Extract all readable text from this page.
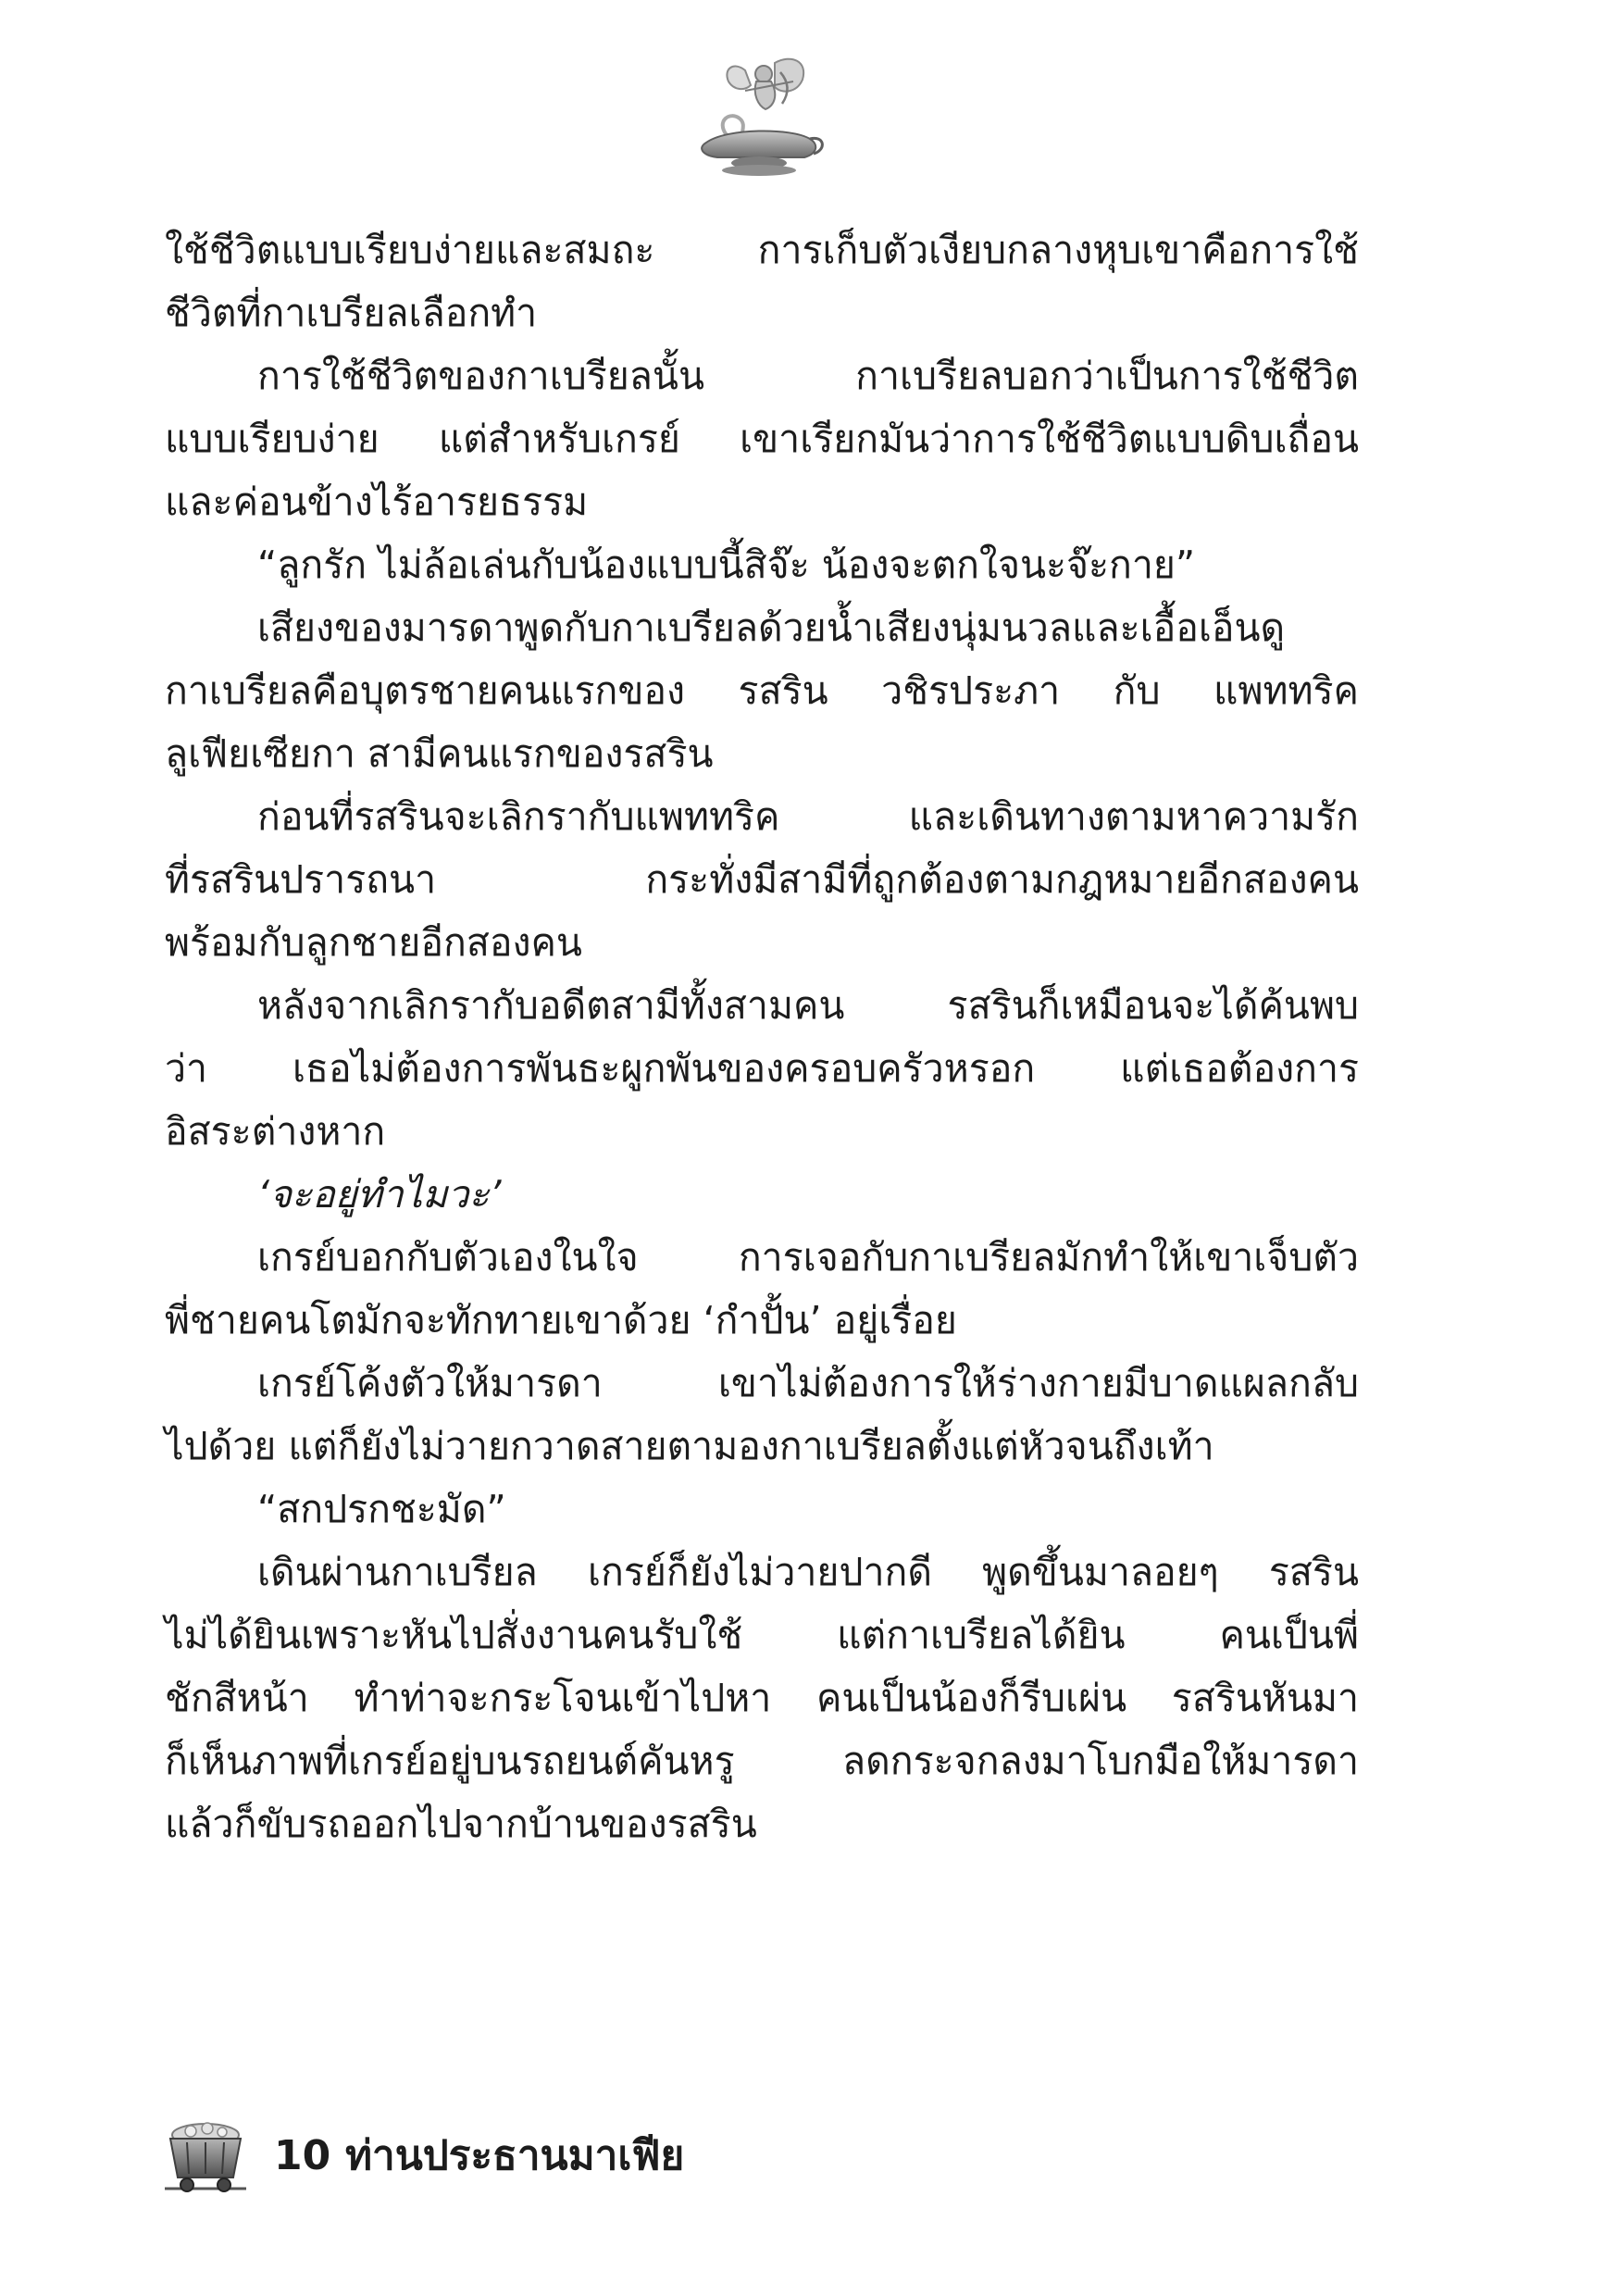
ใช้ชีวิตแบบเรียบง่ายและสมถะ การเก็บตัวเงียบกลางหุบเขาคือการใช้
ชีวิตที่กาเบรียลเลือกทำ
การใช้ชีวิตของกาเบรียลนั้น กาเบรียลบอกว่าเป็นการใช้ชีวิต
แบบเรียบง่าย แต่สำหรับเกรย์ เขาเรียกมันว่าการใช้ชีวิตแบบดิบเถื่อน
และค่อนข้างไร้อารยธรรม
“ลูกรัก ไม่ล้อเล่นกับน้องแบบนี้สิจ๊ะ น้องจะตกใจนะจ๊ะกาย”
เสียงของมารดาพูดกับกาเบรียลด้วยน้ำเสียงนุ่มนวลและเอื้อเอ็นดู
กาเบรียลคือบุตรชายคนแรกของ รสริน วชิรประภา กับ แพททริค
ลูเฟียเซียกา สามีคนแรกของรสริน
ก่อนที่รสรินจะเลิกรากับแพททริค และเดินทางตามหาความรัก
ที่รสรินปรารถนา กระทั่งมีสามีที่ถูกต้องตามกฎหมายอีกสองคน
พร้อมกับลูกชายอีกสองคน
หลังจากเลิกรากับอดีตสามีทั้งสามคน รสรินก็เหมือนจะได้ค้นพบ
ว่า เธอไม่ต้องการพันธะผูกพันของครอบครัวหรอก แต่เธอต้องการ
อิสระต่างหาก
‘จะอยู่ทำไมวะ’
เกรย์บอกกับตัวเองในใจ การเจอกับกาเบรียลมักทำให้เขาเจ็บตัว
พี่ชายคนโตมักจะทักทายเขาด้วย ‘กำปั้น’ อยู่เรื่อย
เกรย์โค้งตัวให้มารดา เขาไม่ต้องการให้ร่างกายมีบาดแผลกลับ
ไปด้วย แต่ก็ยังไม่วายกวาดสายตามองกาเบรียลตั้งแต่หัวจนถึงเท้า
“สกปรกชะมัด”
เดินผ่านกาเบรียล เกรย์ก็ยังไม่วายปากดี พูดขึ้นมาลอยๆ รสริน
ไม่ได้ยินเพราะหันไปสั่งงานคนรับใช้ แต่กาเบรียลได้ยิน คนเป็นพี่
ชักสีหน้า ทำท่าจะกระโจนเข้าไปหา คนเป็นน้องก็รีบเผ่น รสรินหันมา
ก็เห็นภาพที่เกรย์อยู่บนรถยนต์คันหรู ลดกระจกลงมาโบกมือให้มารดา
แล้วก็ขับรถออกไปจากบ้านของรสริน
10 ท่านประธานมาเฟีย
